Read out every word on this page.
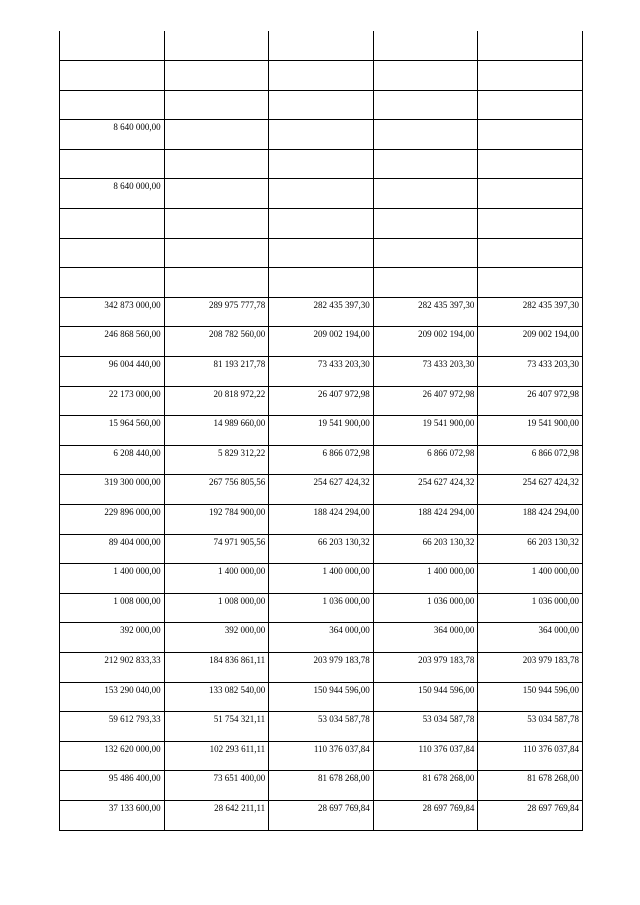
8 640 000,00				

8 640 000,00				

342 873 000,00	289 975 777,78	282 435 397,30	282 435 397,30	282 435 397,30
246 868 560,00	208 782 560,00	209 002 194,00	209 002 194,00	209 002 194,00
96 004 440,00	81 193 217,78	73 433 203,30	73 433 203,30	73 433 203,30
22 173 000,00	20 818 972,22	26 407 972,98	26 407 972,98	26 407 972,98
15 964 560,00	14 989 660,00	19 541 900,00	19 541 900,00	19 541 900,00
6 208 440,00	5 829 312,22	6 866 072,98	6 866 072,98	6 866 072,98
319 300 000,00	267 756 805,56	254 627 424,32	254 627 424,32	254 627 424,32
229 896 000,00	192 784 900,00	188 424 294,00	188 424 294,00	188 424 294,00
89 404 000,00	74 971 905,56	66 203 130,32	66 203 130,32	66 203 130,32
1 400 000,00	1 400 000,00	1 400 000,00	1 400 000,00	1 400 000,00
1 008 000,00	1 008 000,00	1 036 000,00	1 036 000,00	1 036 000,00
392 000,00	392 000,00	364 000,00	364 000,00	364 000,00
212 902 833,33	184 836 861,11	203 979 183,78	203 979 183,78	203 979 183,78
153 290 040,00	133 082 540,00	150 944 596,00	150 944 596,00	150 944 596,00
59 612 793,33	51 754 321,11	53 034 587,78	53 034 587,78	53 034 587,78
132 620 000,00	102 293 611,11	110 376 037,84	110 376 037,84	110 376 037,84
95 486 400,00	73 651 400,00	81 678 268,00	81 678 268,00	81 678 268,00
37 133 600,00	28 642 211,11	28 697 769,84	28 697 769,84	28 697 769,84
